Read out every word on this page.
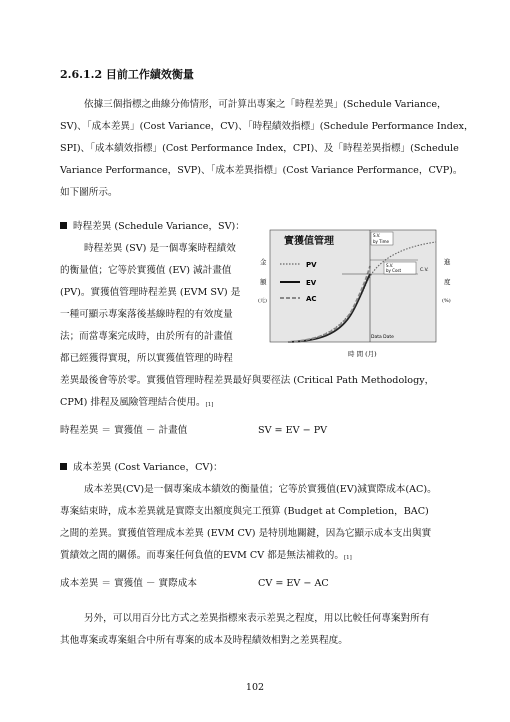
2.6.1.2 目前工作績效衡量
依據三個指標之曲線分佈情形，可計算出專案之「時程差異」(Schedule Variance，
SV)、「成本差異」(Cost Variance，CV)、「時程績效指標」(Schedule Performance Index，
SPI)、「成本績效指標」(Cost Performance Index，CPI)、及「時程差異指標」(Schedule
Variance Performance，SVP)、「成本差異指標」(Cost Variance Performance，CVP)。
如下圖所示。
時程差異 (Schedule Variance，SV)：
時程差異 (SV) 是一個專案時程績效
的衡量值；它等於實獲值 (EV) 減計畫值
(PV)。實獲值管理時程差異 (EVM SV) 是
一種可顯示專案落後基線時程的有效度量
法；而當專案完成時，由於所有的計畫值
都已經獲得實現，所以實獲值管理的時程
差異最後會等於零。實獲值管理時程差異最好與要徑法 (Critical Path Methodology，
CPM) 排程及風險管理結合使用。[1]
時程差異 ＝ 實獲值 － 計畫值	SV = EV − PV
成本差異 (Cost Variance，CV)：
成本差異(CV)是一個專案成本績效的衡量值；它等於實獲值(EV)減實際成本(AC)。
專案結束時，成本差異就是實際支出額度與完工預算 (Budget at Completion，BAC)
之間的差異。實獲值管理成本差異 (EVM CV) 是特別地關鍵，因為它顯示成本支出與實
質績效之間的關係。而專案任何負值的EVM CV 都是無法補救的。[1]
成本差異 ＝ 實獲值 － 實際成本	CV = EV − AC
另外，可以用百分比方式之差異指標來表示差異之程度，用以比較任何專案對所有
其他專案或專案組合中所有專案的成本及時程績效相對之差異程度。
實獲值管理
PV
EV
AC
Data Date
S.V.
by Time
S.V.
by Cost	C.V.
金
額
(元)
進
度
(%)
時 間 (月)
102
